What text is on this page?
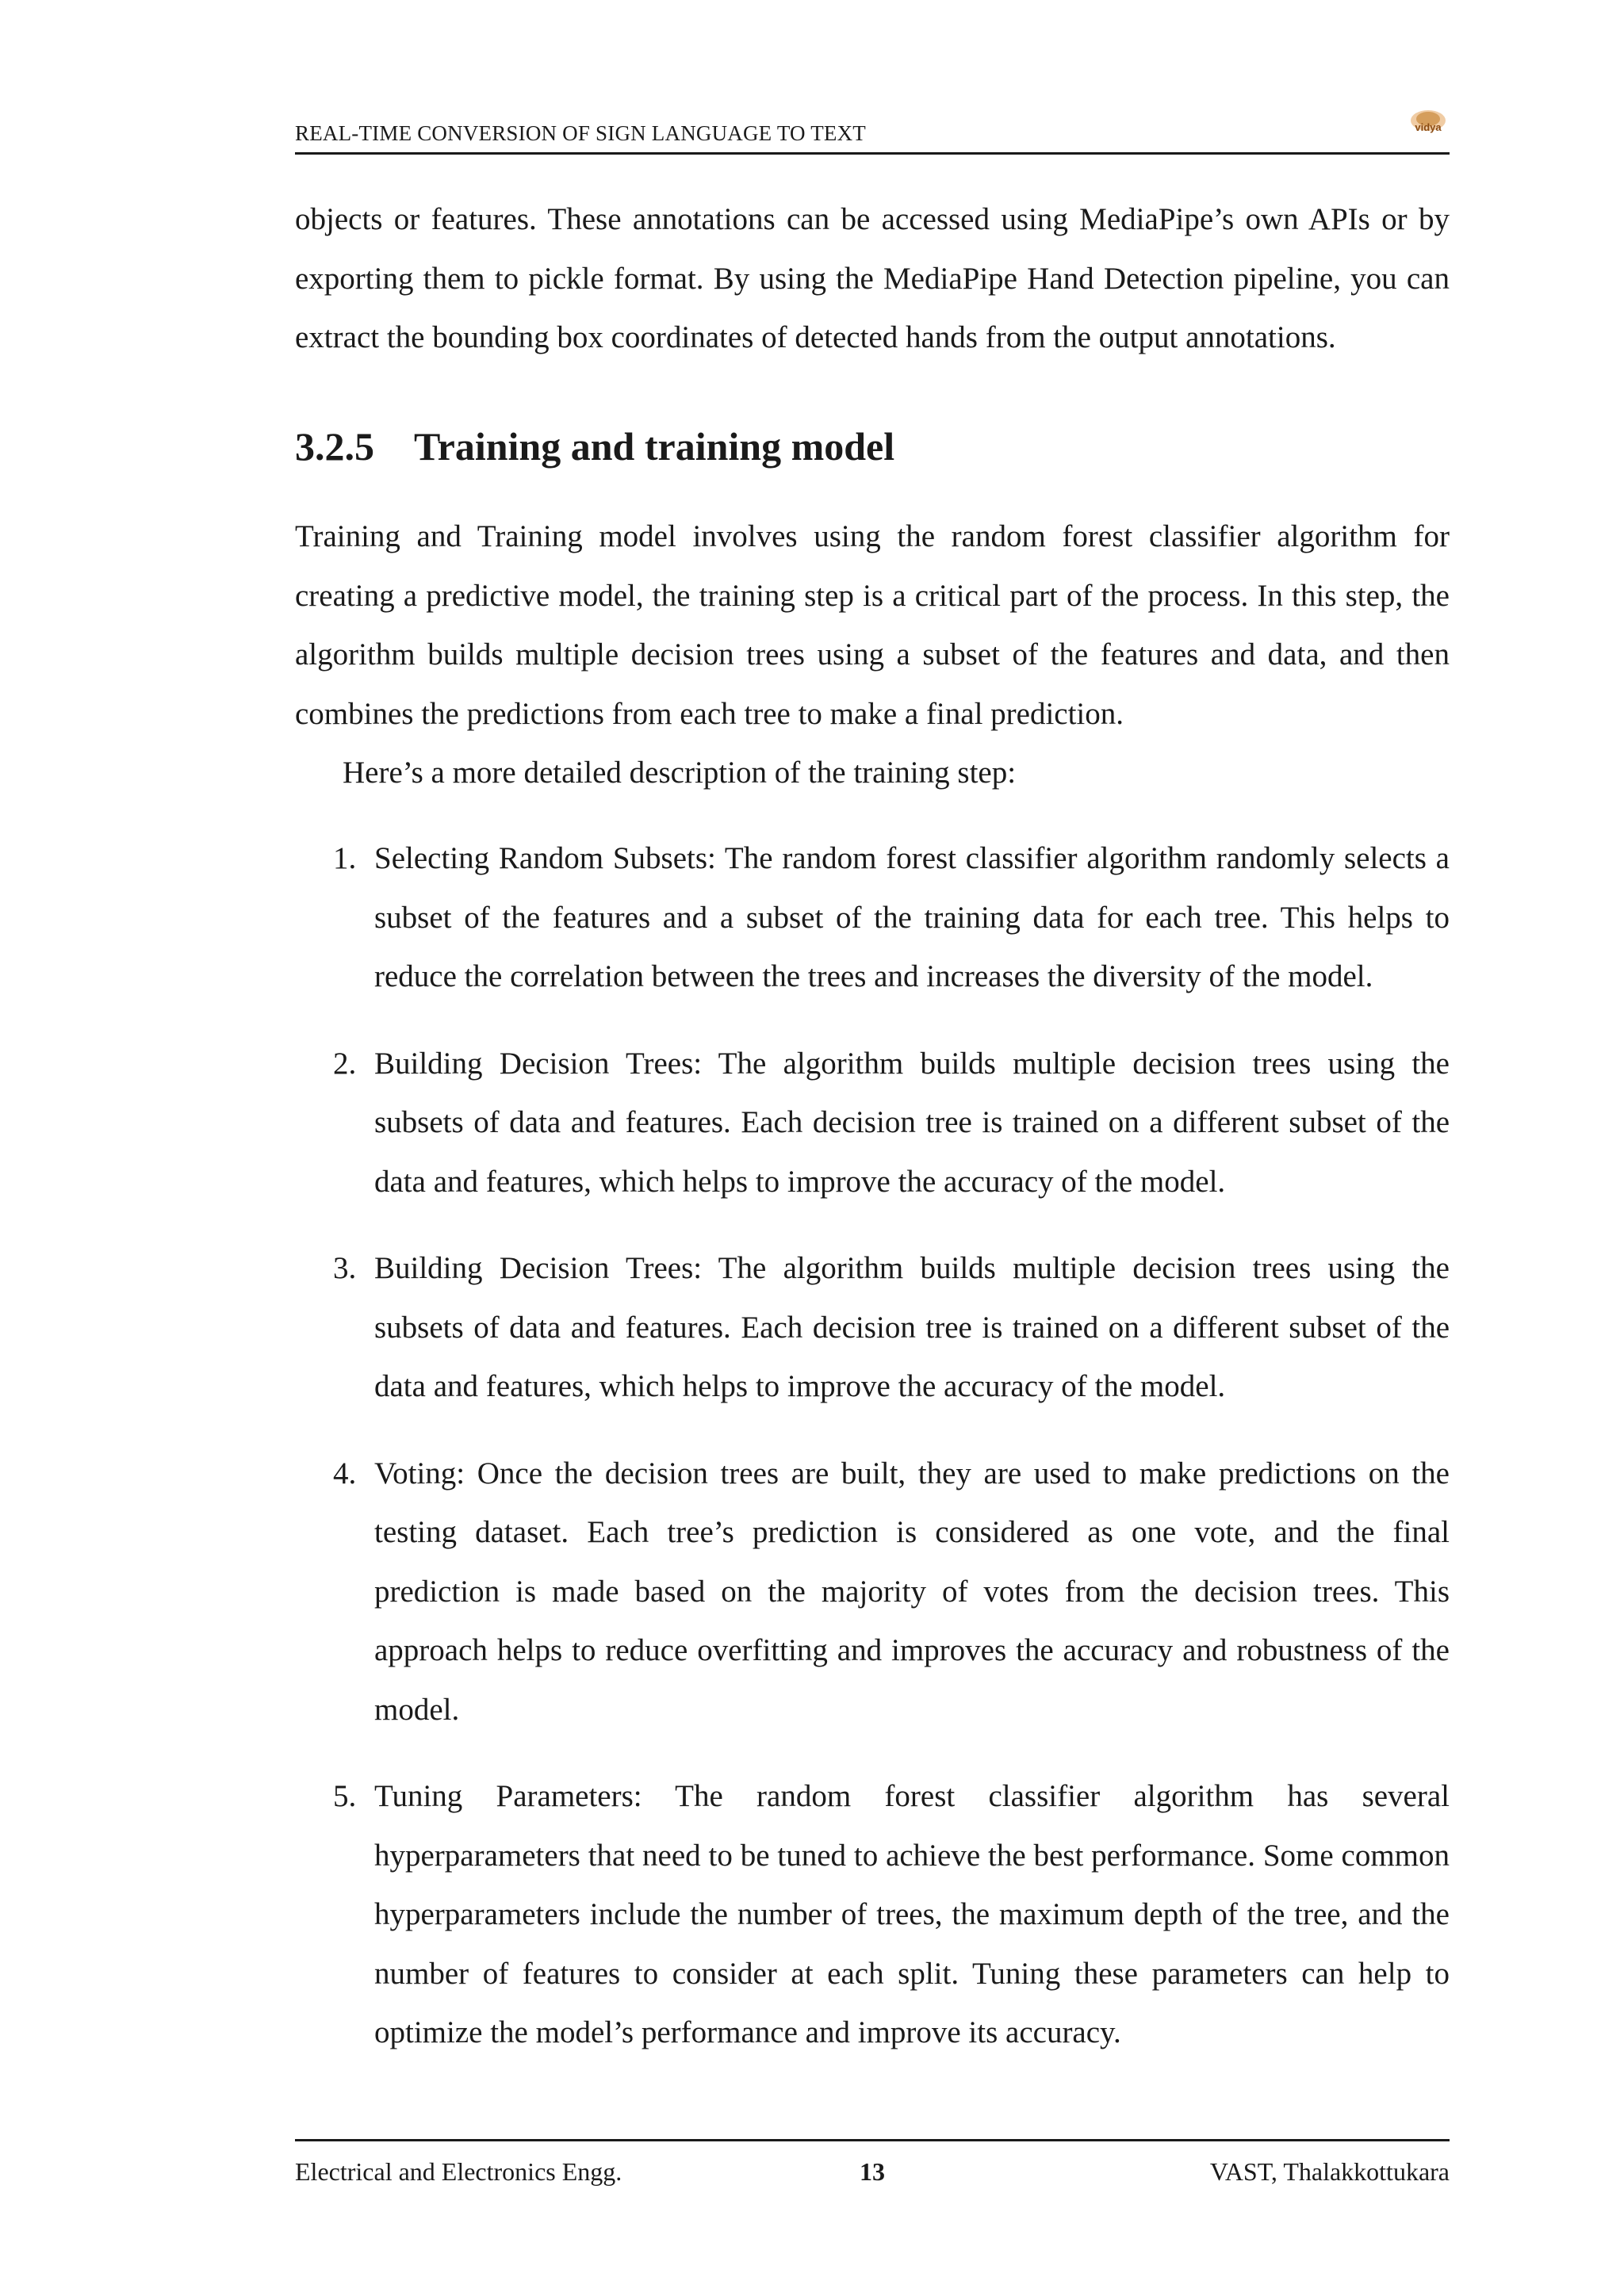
REAL-TIME CONVERSION OF SIGN LANGUAGE TO TEXT	vidya
objects or features. These annotations can be accessed using MediaPipe’s own APIs or by exporting them to pickle format. By using the MediaPipe Hand Detection pipeline, you can extract the bounding box coordinates of detected hands from the output annotations.
3.2.5 Training and training model
Training and Training model involves using the random forest classifier algorithm for creating a predictive model, the training step is a critical part of the process. In this step, the algorithm builds multiple decision trees using a subset of the features and data, and then combines the predictions from each tree to make a final prediction.
Here’s a more detailed description of the training step:
1. Selecting Random Subsets: The random forest classifier algorithm randomly selects a subset of the features and a subset of the training data for each tree. This helps to reduce the correlation between the trees and increases the diversity of the model.
2. Building Decision Trees: The algorithm builds multiple decision trees using the subsets of data and features. Each decision tree is trained on a different subset of the data and features, which helps to improve the accuracy of the model.
3. Building Decision Trees: The algorithm builds multiple decision trees using the subsets of data and features. Each decision tree is trained on a different subset of the data and features, which helps to improve the accuracy of the model.
4. Voting: Once the decision trees are built, they are used to make predictions on the testing dataset. Each tree’s prediction is considered as one vote, and the final prediction is made based on the majority of votes from the decision trees. This approach helps to reduce overfitting and improves the accuracy and robustness of the model.
5. Tuning Parameters: The random forest classifier algorithm has several hyperparameters that need to be tuned to achieve the best performance. Some common hyperparameters include the number of trees, the maximum depth of the tree, and the number of features to consider at each split. Tuning these parameters can help to optimize the model’s performance and improve its accuracy.
Electrical and Electronics Engg.	13	VAST, Thalakkottukara
